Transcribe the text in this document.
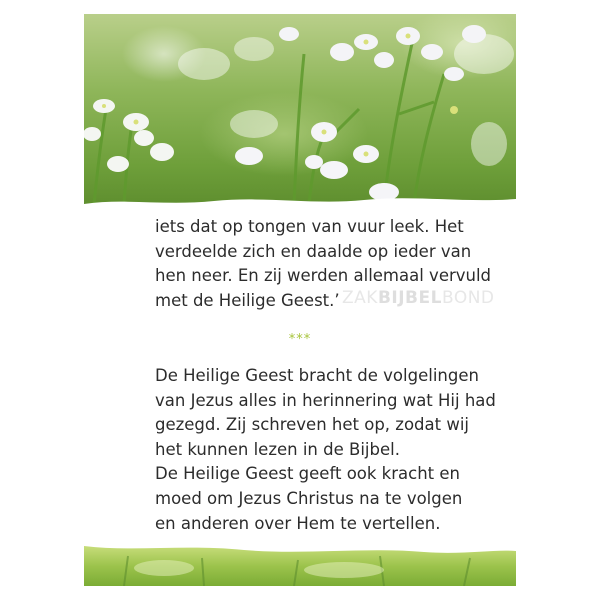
iets dat op tongen van vuur leek. Het
verdeelde zich en daalde op ieder van
hen neer. En zij werden allemaal vervuld
met de Heilige Geest.’ ZAKBIJBELBOND
***
De Heilige Geest bracht de volgelingen
van Jezus alles in herinnering wat Hij had
gezegd. Zij schreven het op, zodat wij
het kunnen lezen in de Bijbel.
De Heilige Geest geeft ook kracht en
moed om Jezus Christus na te volgen
en anderen over Hem te vertellen.
